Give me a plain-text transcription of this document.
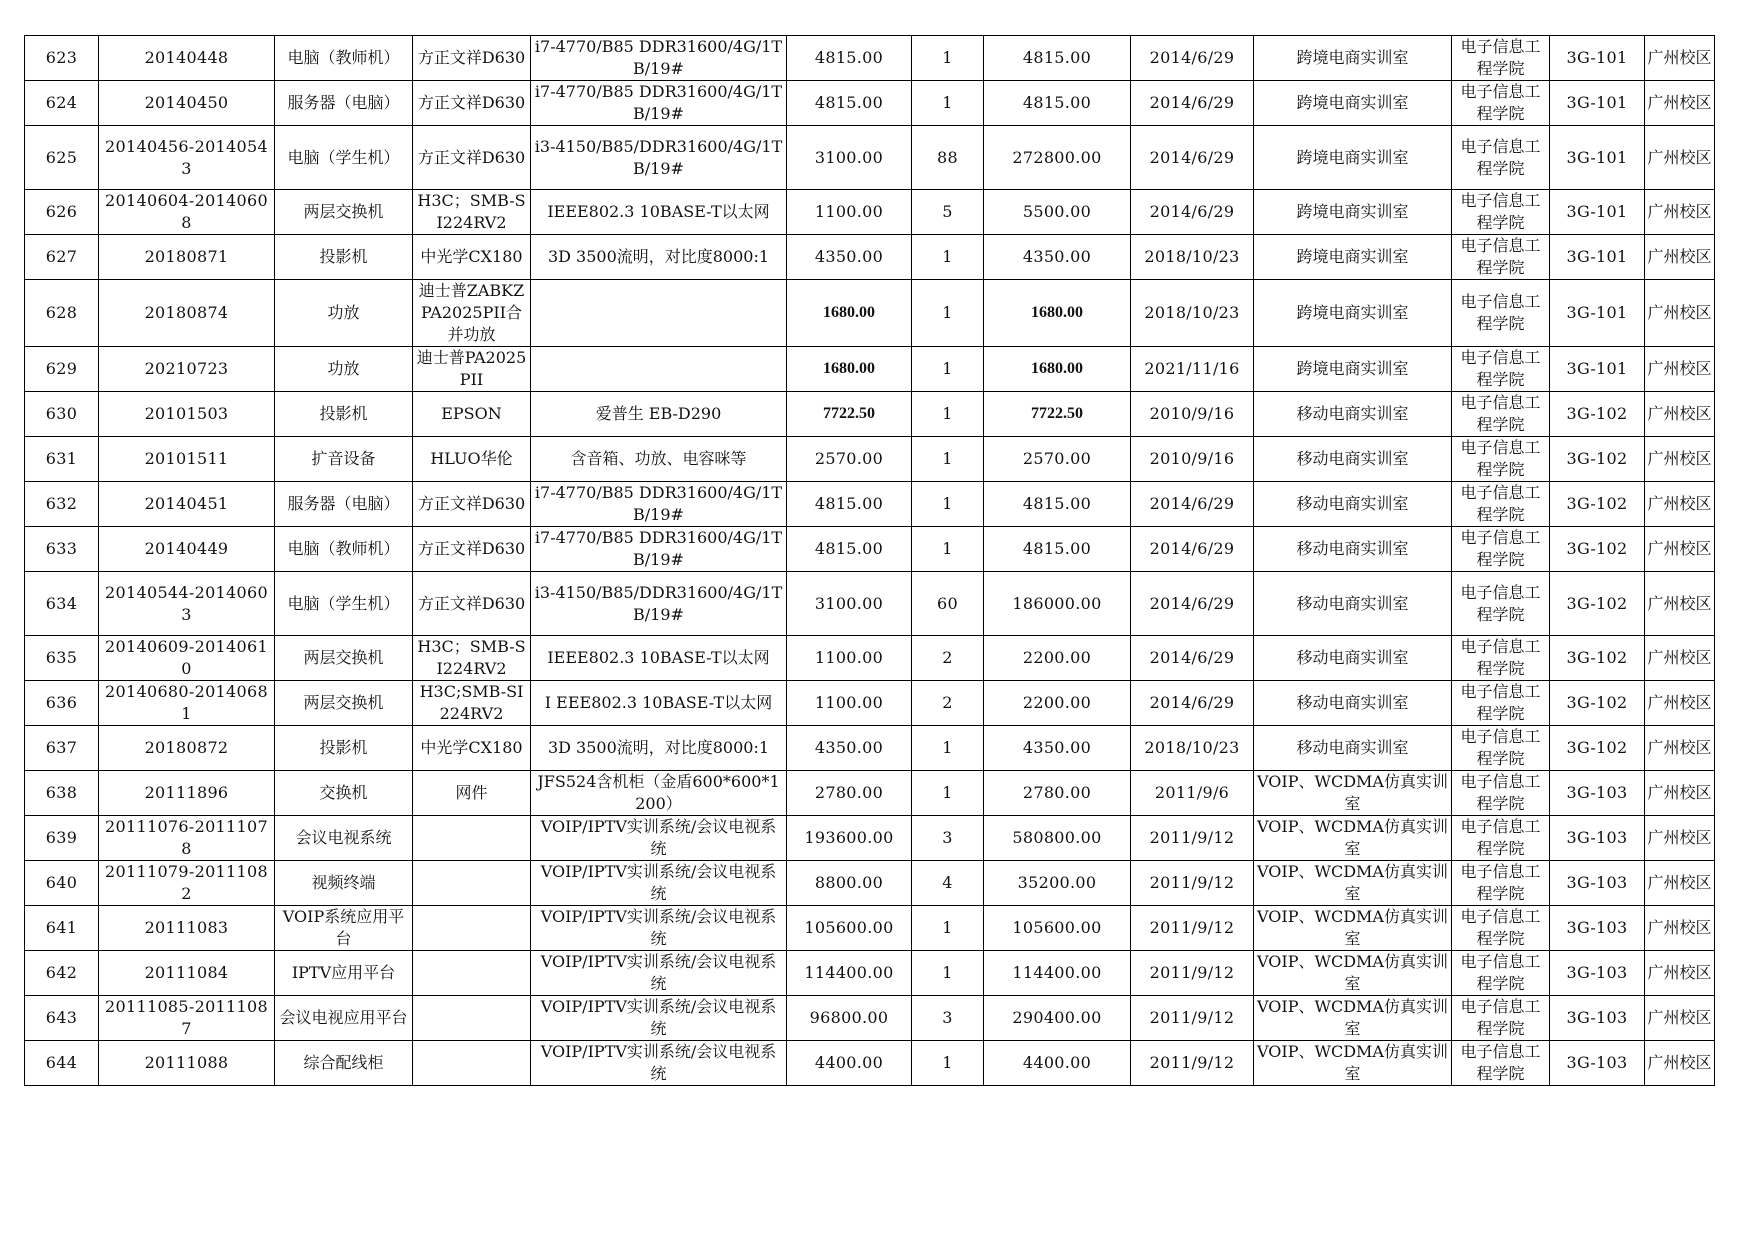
623	20140448	电脑（教师机）	方正文祥D630	i7-4770/B85 DDR31600/4G/1TB/19#	4815.00	1	4815.00	2014/6/29	跨境电商实训室	电子信息工程学院	3G-101	广州校区
624	20140450	服务器（电脑）	方正文祥D630	i7-4770/B85 DDR31600/4G/1TB/19#	4815.00	1	4815.00	2014/6/29	跨境电商实训室	电子信息工程学院	3G-101	广州校区
625	20140456-20140543	电脑（学生机）	方正文祥D630	i3-4150/B85/DDR31600/4G/1TB/19#	3100.00	88	272800.00	2014/6/29	跨境电商实训室	电子信息工程学院	3G-101	广州校区
626	20140604-20140608	两层交换机	H3C；SMB-SI224RV2	IEEE802.3 10BASE-T以太网	1100.00	5	5500.00	2014/6/29	跨境电商实训室	电子信息工程学院	3G-101	广州校区
627	20180871	投影机	中光学CX180	3D 3500流明，对比度8000:1	4350.00	1	4350.00	2018/10/23	跨境电商实训室	电子信息工程学院	3G-101	广州校区
628	20180874	功放	迪士普ZABKZPA2025PII合并功放		1680.00	1	1680.00	2018/10/23	跨境电商实训室	电子信息工程学院	3G-101	广州校区
629	20210723	功放	迪士普PA2025PII		1680.00	1	1680.00	2021/11/16	跨境电商实训室	电子信息工程学院	3G-101	广州校区
630	20101503	投影机	EPSON	爱普生 EB-D290	7722.50	1	7722.50	2010/9/16	移动电商实训室	电子信息工程学院	3G-102	广州校区
631	20101511	扩音设备	HLUO华伦	含音箱、功放、电容咪等	2570.00	1	2570.00	2010/9/16	移动电商实训室	电子信息工程学院	3G-102	广州校区
632	20140451	服务器（电脑）	方正文祥D630	i7-4770/B85 DDR31600/4G/1TB/19#	4815.00	1	4815.00	2014/6/29	移动电商实训室	电子信息工程学院	3G-102	广州校区
633	20140449	电脑（教师机）	方正文祥D630	i7-4770/B85 DDR31600/4G/1TB/19#	4815.00	1	4815.00	2014/6/29	移动电商实训室	电子信息工程学院	3G-102	广州校区
634	20140544-20140603	电脑（学生机）	方正文祥D630	i3-4150/B85/DDR31600/4G/1TB/19#	3100.00	60	186000.00	2014/6/29	移动电商实训室	电子信息工程学院	3G-102	广州校区
635	20140609-20140610	两层交换机	H3C；SMB-SI224RV2	IEEE802.3 10BASE-T以太网	1100.00	2	2200.00	2014/6/29	移动电商实训室	电子信息工程学院	3G-102	广州校区
636	20140680-20140681	两层交换机	H3C;SMB-SI224RV2	I EEE802.3 10BASE-T以太网	1100.00	2	2200.00	2014/6/29	移动电商实训室	电子信息工程学院	3G-102	广州校区
637	20180872	投影机	中光学CX180	3D 3500流明，对比度8000:1	4350.00	1	4350.00	2018/10/23	移动电商实训室	电子信息工程学院	3G-102	广州校区
638	20111896	交换机	网件	JFS524含机柜（金盾600*600*1200）	2780.00	1	2780.00	2011/9/6	VOIP、WCDMA仿真实训室	电子信息工程学院	3G-103	广州校区
639	20111076-20111078	会议电视系统		VOIP/IPTV实训系统/会议电视系统	193600.00	3	580800.00	2011/9/12	VOIP、WCDMA仿真实训室	电子信息工程学院	3G-103	广州校区
640	20111079-20111082	视频终端		VOIP/IPTV实训系统/会议电视系统	8800.00	4	35200.00	2011/9/12	VOIP、WCDMA仿真实训室	电子信息工程学院	3G-103	广州校区
641	20111083	VOIP系统应用平台		VOIP/IPTV实训系统/会议电视系统	105600.00	1	105600.00	2011/9/12	VOIP、WCDMA仿真实训室	电子信息工程学院	3G-103	广州校区
642	20111084	IPTV应用平台		VOIP/IPTV实训系统/会议电视系统	114400.00	1	114400.00	2011/9/12	VOIP、WCDMA仿真实训室	电子信息工程学院	3G-103	广州校区
643	20111085-20111087	会议电视应用平台		VOIP/IPTV实训系统/会议电视系统	96800.00	3	290400.00	2011/9/12	VOIP、WCDMA仿真实训室	电子信息工程学院	3G-103	广州校区
644	20111088	综合配线柜		VOIP/IPTV实训系统/会议电视系统	4400.00	1	4400.00	2011/9/12	VOIP、WCDMA仿真实训室	电子信息工程学院	3G-103	广州校区
